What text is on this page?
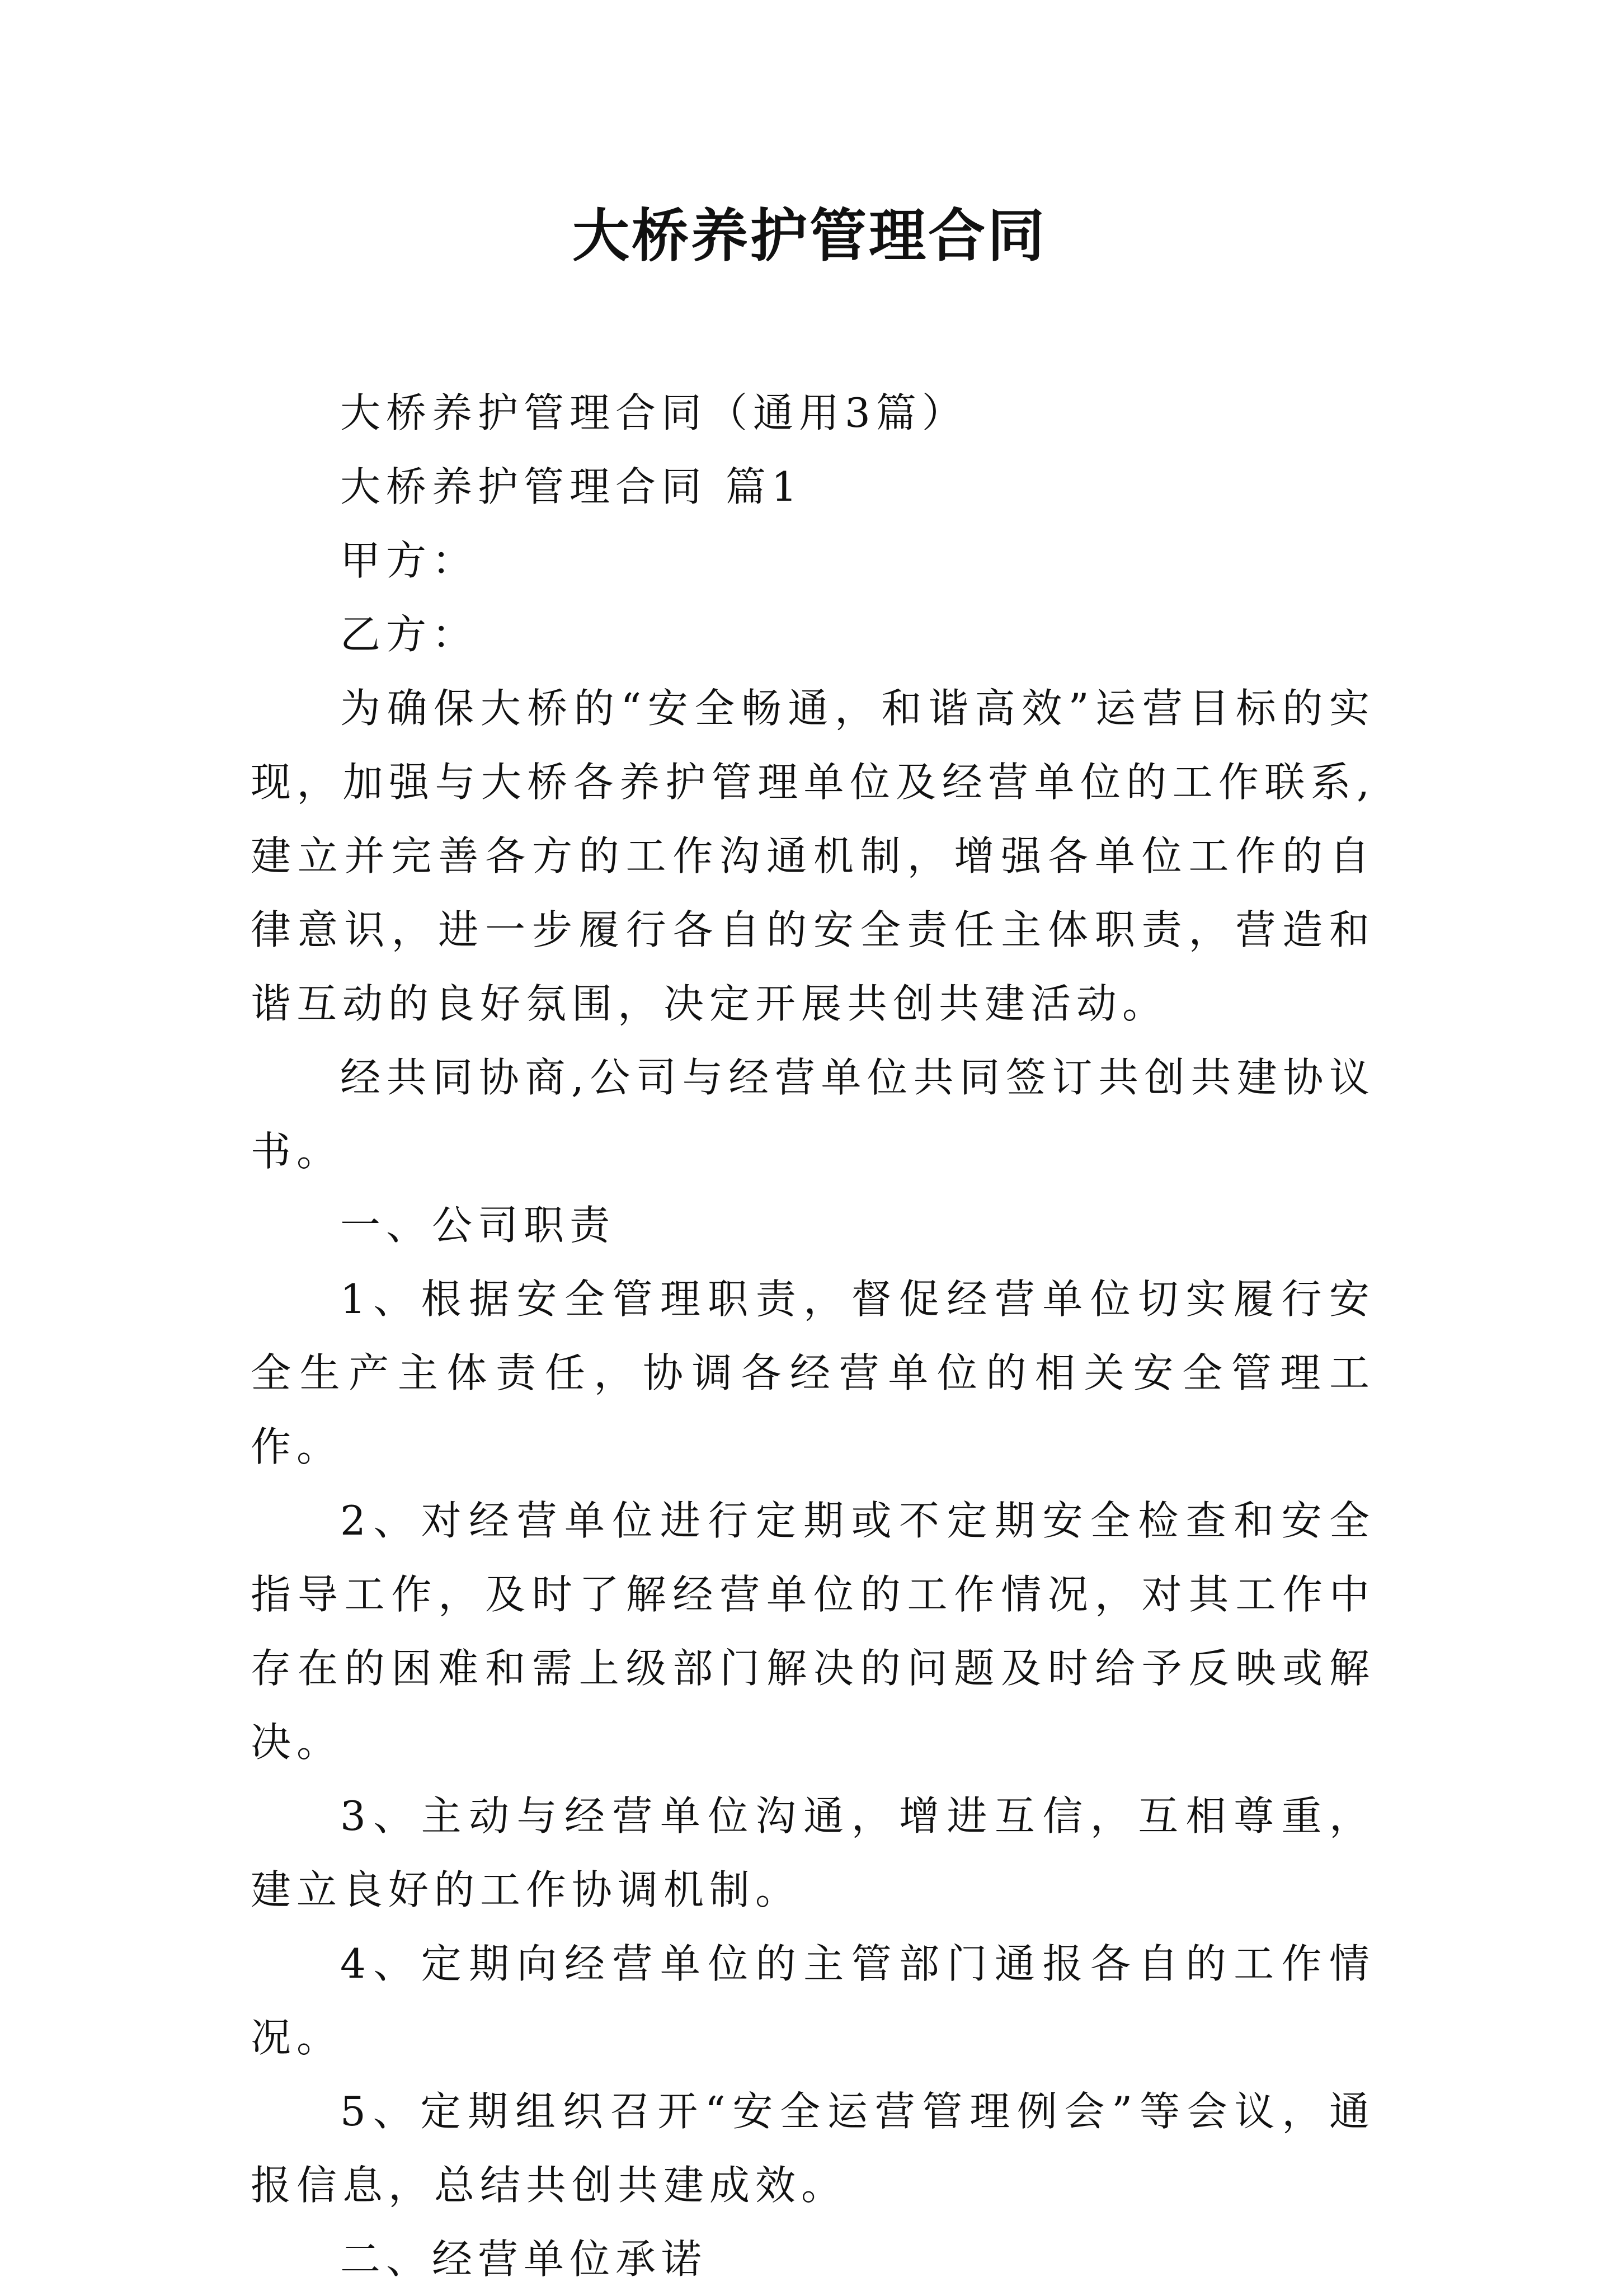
大桥养护管理合同

大桥养护管理合同（通用3篇）

大桥养护管理合同 篇1

甲方：

乙方：

为确保大桥的“安全畅通，和谐高效”运营目标的实现，加强与大桥各养护管理单位及经营单位的工作联系,建立并完善各方的工作沟通机制，增强各单位工作的自律意识，进一步履行各自的安全责任主体职责，营造和谐互动的良好氛围，决定开展共创共建活动。

经共同协商,公司与经营单位共同签订共创共建协议书。

一、公司职责

1、根据安全管理职责，督促经营单位切实履行安全生产主体责任，协调各经营单位的相关安全管理工作。

2、对经营单位进行定期或不定期安全检查和安全指导工作，及时了解经营单位的工作情况，对其工作中存在的困难和需上级部门解决的问题及时给予反映或解决。

3、主动与经营单位沟通，增进互信，互相尊重，建立良好的工作协调机制。

4、定期向经营单位的主管部门通报各自的工作情况。

5、定期组织召开“安全运营管理例会”等会议，通报信息，总结共创共建成效。

二、经营单位承诺
